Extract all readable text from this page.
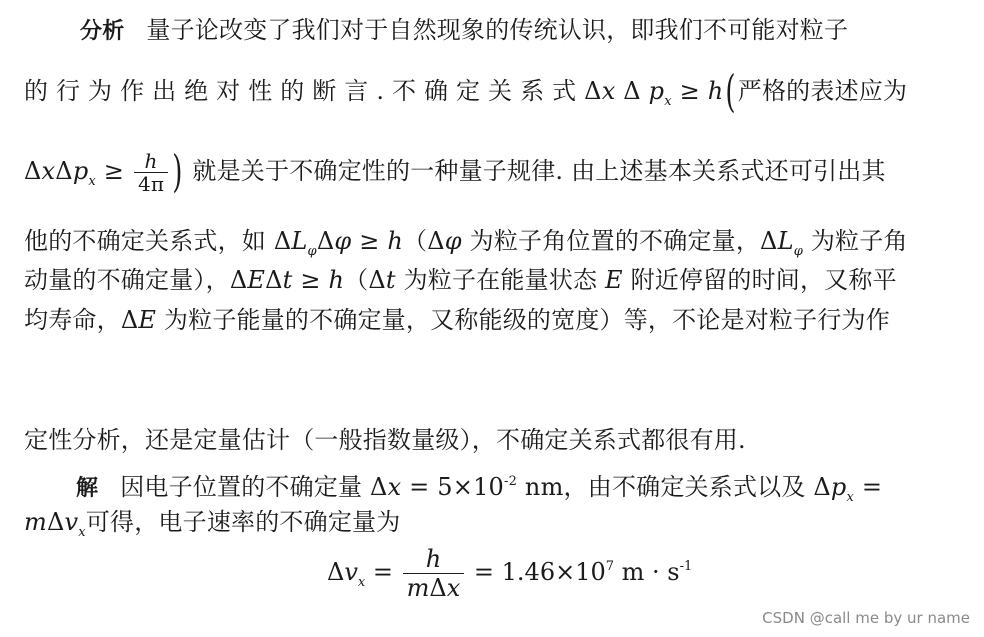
分析 量子论改变了我们对于自然现象的传统认识，即我们不可能对粒子
的 行 为 作 出 绝 对 性 的 断 言 . 不 确 定 关 系 式 Δx Δ $p_x \ge h$(严格的表述应为
$\Delta x\Delta p_x \ge \frac{h}{4\pi}$ ) 就是关于不确定性的一种量子规律. 由上述基本关系式还可引出其
他的不确定关系式，如 $\Delta L_\varphi\Delta\varphi \ge h(\Delta\varphi$ 为粒子角位置的不确定量，$\Delta L_\varphi$ 为粒子角
动量的不确定量），ΔEΔt ≥ h（Δt 为粒子在能量状态 E 附近停留的时间，又称平
均寿命，ΔE 为粒子能量的不确定量，又称能级的宽度）等，不论是对粒子行为作
定性分析，还是定量估计（一般指数量级），不确定关系式都很有用.
解 因电子位置的不确定量 $\Delta x = 5\times 10^{-2}$ nm，由不确定关系式以及 $\Delta p_x$ =
mΔv$_x$可得，电子速率的不确定量为
$\Delta v_x = \frac{h}{\text{mΔx}} = 1.46\times 10^7$ $m \cdot s^{-1}$
CSDN @call me by ur name
